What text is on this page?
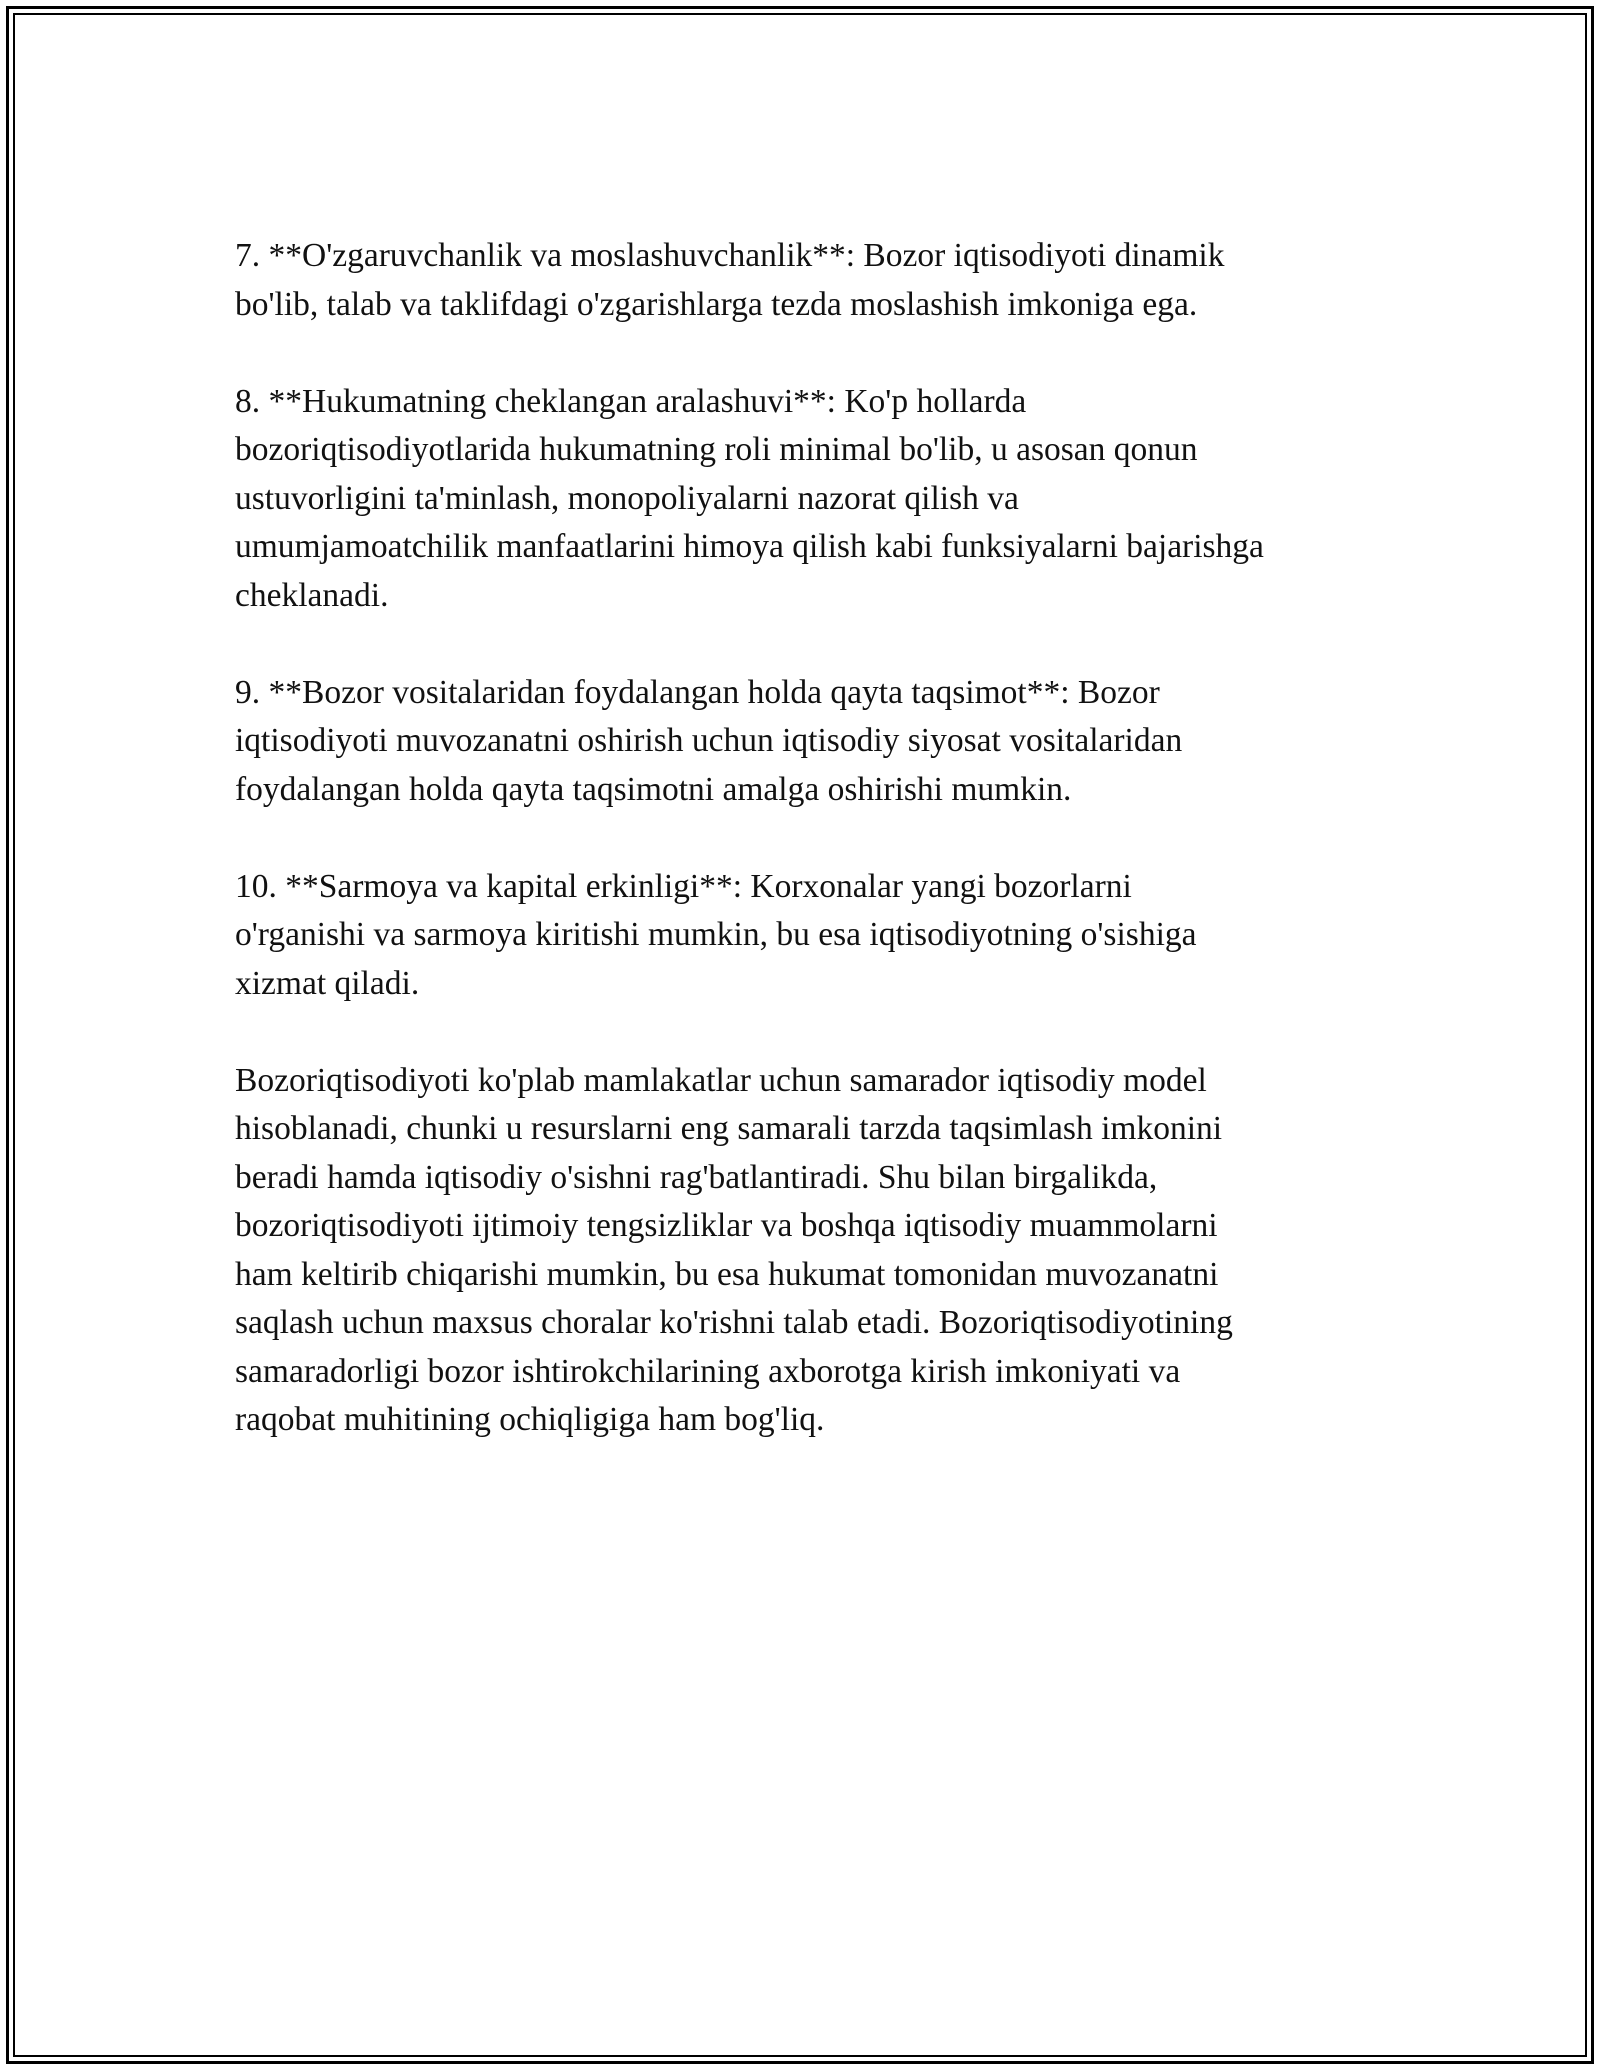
7. **O'zgaruvchanlik va moslashuvchanlik**: Bozor iqtisodiyoti dinamik
bo'lib, talab va taklifdagi o'zgarishlarga tezda moslashish imkoniga ega.

8. **Hukumatning cheklangan aralashuvi**: Ko'p hollarda
bozoriqtisodiyotlarida hukumatning roli minimal bo'lib, u asosan qonun
ustuvorligini ta'minlash, monopoliyalarni nazorat qilish va
umumjamoatchilik manfaatlarini himoya qilish kabi funksiyalarni bajarishga
cheklanadi.

9. **Bozor vositalaridan foydalangan holda qayta taqsimot**: Bozor
iqtisodiyoti muvozanatni oshirish uchun iqtisodiy siyosat vositalaridan
foydalangan holda qayta taqsimotni amalga oshirishi mumkin.

10. **Sarmoya va kapital erkinligi**: Korxonalar yangi bozorlarni
o'rganishi va sarmoya kiritishi mumkin, bu esa iqtisodiyotning o'sishiga
xizmat qiladi.

Bozoriqtisodiyoti ko'plab mamlakatlar uchun samarador iqtisodiy model
hisoblanadi, chunki u resurslarni eng samarali tarzda taqsimlash imkonini
beradi hamda iqtisodiy o'sishni rag'batlantiradi. Shu bilan birgalikda,
bozoriqtisodiyoti ijtimoiy tengsizliklar va boshqa iqtisodiy muammolarni
ham keltirib chiqarishi mumkin, bu esa hukumat tomonidan muvozanatni
saqlash uchun maxsus choralar ko'rishni talab etadi. Bozoriqtisodiyotining
samaradorligi bozor ishtirokchilarining axborotga kirish imkoniyati va
raqobat muhitining ochiqligiga ham bog'liq.
